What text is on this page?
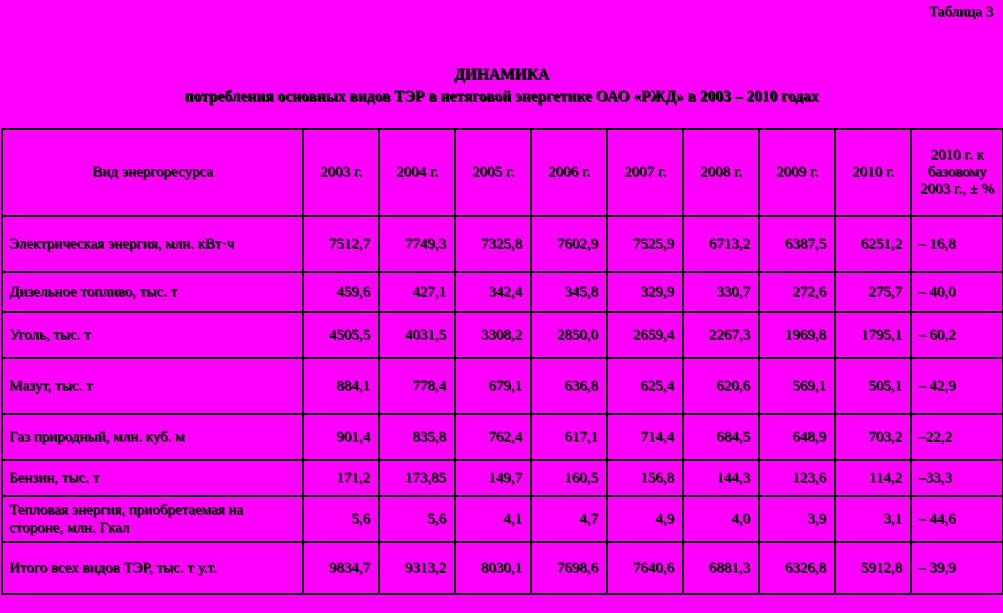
Таблица 3
ДИНАМИКА
потребления основных видов ТЭР в нетяговой энергетике ОАО «РЖД» в 2003 – 2010 годах
Вид энергоресурса	2003 г.	2004 г.	2005 г.	2006 г.	2007 г.	2008 г.	2009 г.	2010 г.	2010 г. к базовому 2003 г., ± %
Электрическая энергия, млн. кВт·ч	7512,7	7749,3	7325,8	7602,9	7525,9	6713,2	6387,5	6251,2	– 16,8
Дизельное топливо, тыс. т	459,6	427,1	342,4	345,8	329,9	330,7	272,6	275,7	– 40,0
Уголь, тыс. т	4505,5	4031,5	3308,2	2850,0	2659,4	2267,3	1969,8	1795,1	– 60,2
Мазут, тыс. т	884,1	778,4	679,1	636,8	625,4	620,6	569,1	505,1	– 42,9
Газ природный, млн. куб. м	901,4	835,8	762,4	617,1	714,4	684,5	648,9	703,2	–22,2
Бензин, тыс. т	171,2	173,85	149,7	160,5	156,8	144,3	123,6	114,2	–33,3
Тепловая энергия, приобретаемая на стороне, млн. Гкал	5,6	5,6	4,1	4,7	4,9	4,0	3,9	3,1	– 44,6
Итого всех видов ТЭР, тыс. т у.т.	9834,7	9313,2	8030,1	7698,6	7640,6	6881,3	6326,8	5912,8	– 39,9
